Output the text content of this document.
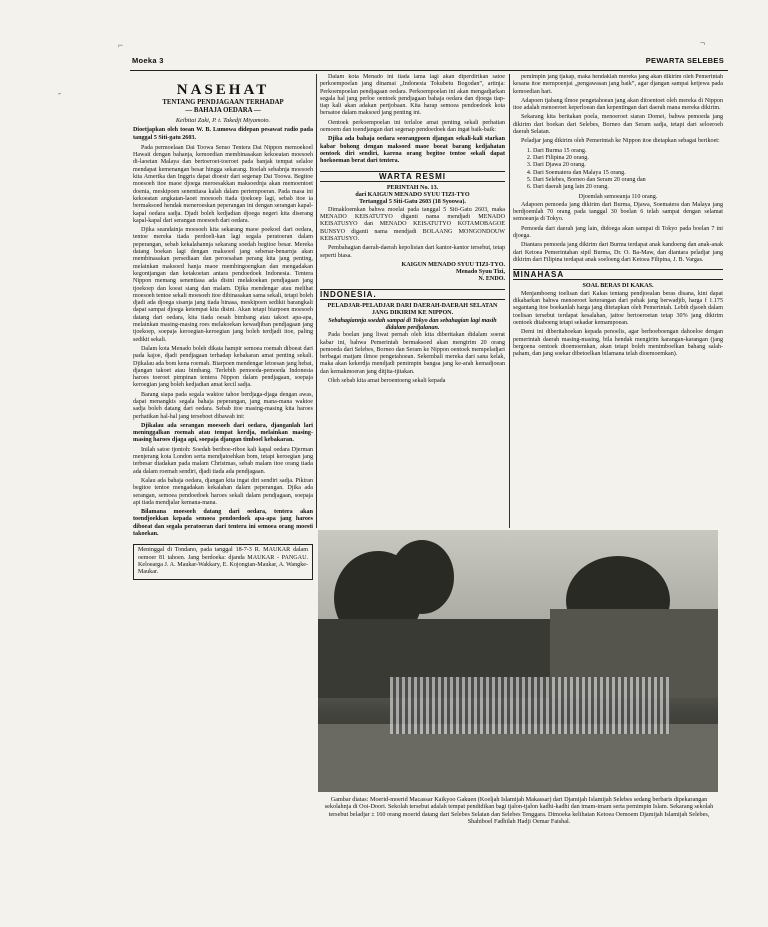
⌐	¬
-
Moeka 3	PEWARTA SELEBES
NASEHAT
TENTANG PENDJAGAAN TERHADAP
— BAHAJA OEDARA —
Keibitai Zaki, P. t. Takedji Miyamoto.
Dioetjapkan oleh toean W. B. Lumowa didepan pesawat radio pada tanggal 5 Siti-gatu 2603.

Pada permoelaan Dai Toowa Senso Tentera Dai Nippon memoekoel Hawaii dengan bahanja, kemoedian membinasakan kekoeatan moesoeh di-laoetan Malaya dan bertoeroet-toeroet pada banjak tempat selaloe mendapat kemenangan besar hingga sekarang. Itoelah sebabnja moesoeh kita Amerika dan Inggris dapat dioesir dari segenap Dai Toowa. Begitoe moesoeh itoe maoe djoega meroesakkan maksoednja akan memoentoet doenia, meskipoen senentiasa kalah dalam pertempoeran. Pada masa ini kekoeatan angkatan-laoet moesoeh tiada tjoekoep lagi, sebab itoe ia bermaksoed hendak meneroeskan peperangan ini dengan serangan kapal-kapal oedara sadja. Djadi boleh kedjadian djoega negeri kita diserang kapal-kapal dari serangan moesoeh dari oedara.

Djika seandainja moesoeh kita sekarang maoe poekoel dari oedara, tentoe mereka tiada perdoeli-kan lagi segala peratoeran dalam peperangan, sebab kekalahannja sekarang soedah begitoe besar. Mereka datang boekan lagi dengan maksoed jang sebenar-benarnja akan membinasakan persediaan dan peroesahan perang kita jang penting, melainkan maksoed hanja maoe membingoengkan dan mengadakan kegontjangan dan ketakoetan antara pendoedoek Indonesia. Tentera Nippon memang senentiasa ada disini melakoekan pendjagaan jang tjoekoep dan koeat siang dan malam. Djika mendengar atau melihat moesoeh tentoe sekali moesoeh itoe dibinasakan sama sekali, tetapi boleh djadi ada djoega sisanja jang tiada binasa, meskipoen sedikit barangkali dapat sampai djoega ketempat kita disini. Akan tetapi biarpoen moesoeh datang dari oedara, kita tiada oesah bimbang atau takoet apa-apa, melainkan masing-masing roes melakoekan kewadjiban pendjagaan jang tjoekoep, soepaja keroegian-keroegian jang boleh terdjadi itoe, paling sedikit sekali.

Dalam kota Menado boleh dikata hampir semoea roemah diboeat dari pada kajoe, djadi pendjagaan terhadap kebakaran amat penting sekali. Djikalau ada bom kena roemah. Biarpoen mendengar letoesan jang hebat, djangan takoet atau bimbang. Terlebih pemoeda-pemoeda Indonesia haroes toeroet pimpinan tentera Nippon dalam pendjagaan, soepaja keroegian jang boleh kedjadian amat kecil sadja.

Barang siapa pada segala waktoe tahoe berdjaga-djaga dengan awas, dapat menangkis segala bahaja peperangan, jang mana-mana waktoe sadja boleh datang dari oedara. Sebab itoe masing-masing kita haroes perhatikan hal-hal jang terseboet dibawah ini:

Djikalau ada serangan moesoeh dari oedara, djanganlah lari meninggalkan roemah atau tempat kerdja, melainkan masing-masing haroes djaga api, soepaja djangan timboel kebakaran.

Inilah satoe tjontoh: Soedah beriboe-riboe kali kapal oedara Djerman menjerang kota London serta mendjatoehkan bom, tetapi keroegian jang terbesar diadakan pada malam Christmas, sebab malam itoe orang tiada ada dalam roemah sendiri, djadi tiada ada pendjagaan.

Kalau ada bahaja oedara, djangan kita ingat diri sendiri sadja. Pikiran begitoe tentoe mengadakan kekalahan dalam peperangan. Djika ada serangan, semoea pendoedoek haroes sekali dalam pendjagaan, soepaja api tiada mendjalar kemana-mana.

Bilamana moesoeh datang dari oedara, tentera akan toendjoekkan kepada semoea pendoedoek apa-apa jang haroes diboeat dan segala peratoeran dari tentera ini semoea orang moesti takoekan.

Meninggal di Tondano, pada tanggal 18-7-3 R. MAUKAR dalam oemoer 81 tahoen. Jang berdoeka: djanda MAUKAR - PANGAU. Keloearga J. A. Maukar-Wakkary, E. Kojongian-Maukar, A. Wangke-Maukar.

Dalam kota Menado ini tiada lama lagi akan diperdirikan satoe perkoempoelan jang dinamai „Indonesia Tokubetu Bogodan”, artinja: Perkoempoelan pendjagaan oedara. Perkoempoelan ini akan mengadjarkan segala hal jang perloe oentoek pendjagaan bahaja oedara dan djoega tiap-tiap kali akan adakan pertjobaan. Kita harap semoea pendoedoek kota bersatoe dalam maksoed jang penting ini.

Oentoek perkoempoelan ini terlaloe amat penting sekali perhatian oemoem dan toendjangan dari segenap pendoedoek dan ingat baik-baik:

Djika ada bahaja oedara seorangpoen djangan sekali-kali starkan kabar bohong dengan maksoed maoe boeat barang kedjahatan oentoek diri sendiri, karena orang begitoe tentoe sekali dapat hoekoeman berat dari tentera.

WARTA RESMI
PERINTAH No. 13.
dari KAIGUN MENADO SYUU TIZI-TYO
Tertanggal 5 Siti-Gatu 2603 (18 Syoowa).

Dimakloemkan bahwa moelai pada tanggal 5 Siti-Gatu 2603, maka MENADO KEISATUTYO diganti nama mendjadi MENADO KEISATUSYO dan MENADO KEISATUTYO KOTAMOBAGOE BUNSYO diganti nama mendjadi BOLAANG MONGONDOUW KEISATUSYO.

Pembahagian daerah-daerah kepolisian dari kantor-kantor tersebut, tetap seperti biasa.

KAIGUN MENADO SYUU TIZI-TYO.
Menado Syuu Tizi,
N. ENDO.
INDONESIA.
PELADJAR-PELADJAR DARI DAERAH-DAERAH SELATAN JANG DIKIRIM KE NIPPON.
Sebahagiannja soedah sampai di Tokyo dan sebahagian lagi masih didalam perdjalanan.

Pada boelan jang liwat pernah oleh kita diberitakan didalam soerat kabar ini, bahwa Pemerintah bermaksoed akan mengirim 20 orang pemoeda dari Selebes, Borneo dan Seram ke Nippon oentoek mempeladjari berbagai matjam ilmoe pengetahoean. Sekembali mereka dari sana kelak, maka akan kekerdja mendjadi pemimpin bangsa jang ke-arah kemadjoean dan kemakmoeran jang ditjita-tjitakan.

Oleh sebab kita amat beroentoeng sekali kepada

pemimpin jang tjakap, maka hendaklah mereka jang akan dikirim oleh Pemerintah kesana itoe mempoenjai „pengawasan jang baik”, agar djangan sampai ketjewa pada kemoedian hari.

Adapoen tjabang ilmoe pengetahoean jang akan ditoentoet oleh mereka di Nippon itoe adalah menoeroet keperloean dan kepentingan dari daerah mana mereka dikirim.

Sekarang kita beritakan poela, menoeroet siaran Domei, bahwa pemoeda jang dikirim dari boekan dari Selebes, Borneo dan Seram sadja, tetapi dari seloeroeh daerah Selatan.

Peladjar jang dikirim oleh Pemerintah ke Nippon itoe dietapkan sebagai berikoet:

1. Dari Burma 15 orang.
2. Dari Filipina 20 orang.
3. Dari Djawa 20 orang.
4. Dari Soematera dan Malaya 15 orang.
5. Dari Selebes, Borneo dan Seram 20 orang dan
6. Dari daerah jang lain 20 orang.
Djoemlah semoeanja 110 orang.

Adapoen pemoeda jang dikirim dari Burma, Djawa, Soematera dan Malaya jang berdjoemlah 70 orang pada tanggal 30 boelan 6 telah sampai dengan selamat semoeanja di Tokyo.

Pemoeda dari daerah jang lain, didoega akan sampai di Tokyo pada boelan 7 ini djoega.

Diantara pemoeda jang dikirim dari Burma terdapat anak kandoeng dan anak-anak dari Ketoea Pemerintahan sipil Burma, Dr. O. Ba-Maw, dan diantara peladjar jang dikirim dari Filipina terdapat anak soeloeng dari Ketoea Filipina, J. B. Vargas.

MINAHASA
SOAL BERAS DI KAKAS.

Menjamboeng toelisan dari Kakas tentang pendjoealan beras disana, kini dapat dikabarkan bahwa menoeroet keterangan dari pehak jang berwadjib, harga f 1.175 segantang itoe boekanlah harga jang ditetapkan oleh Pemerintah. Lebih djaoeh dalam toelisan tersebut terdapat kesalahan, jaitoe bertoeroetan tetap 30% jang dikirim oentoek ditaboeng tetapi sekadar kemampoean.

Demi ini diberitahoekan kepada penoelis, agar berhoeboengan dahoeloe dengan pemerintah daerah masing-masing, bila hendak mengirim karangan-karangan (jang bergoena oentoek dioemoemkan, akan tetapi boleh menimboelkan bahang salah-paham, dan jang soekar dibetoelkan bilamana telah dioemoemkan).

Gambar diatas: Moerid-moerid Macassar Kaikyoo Gakuen (Koeljah Islamijah Makassar) dari Djamijah Islamijah Selebes sedang berbaris dipekarangan sekolahnja di Ooi-Doori. Sekolah tersebut adalah tempat pendidikan bagi tjalon-tjalon kadhi-kadhi dan imam-imam serta pemimpin Islam. Sekarang sekolah tersebut beladjar ± 160 orang moerid datang dari Selebes Selatan dan Selebes Tenggara. Dimoeka kelihatan Ketoea Oemoem Djamijah Islamijah Selebes, Shahiboel Fadhilah Hadji Oemar Faishal.
